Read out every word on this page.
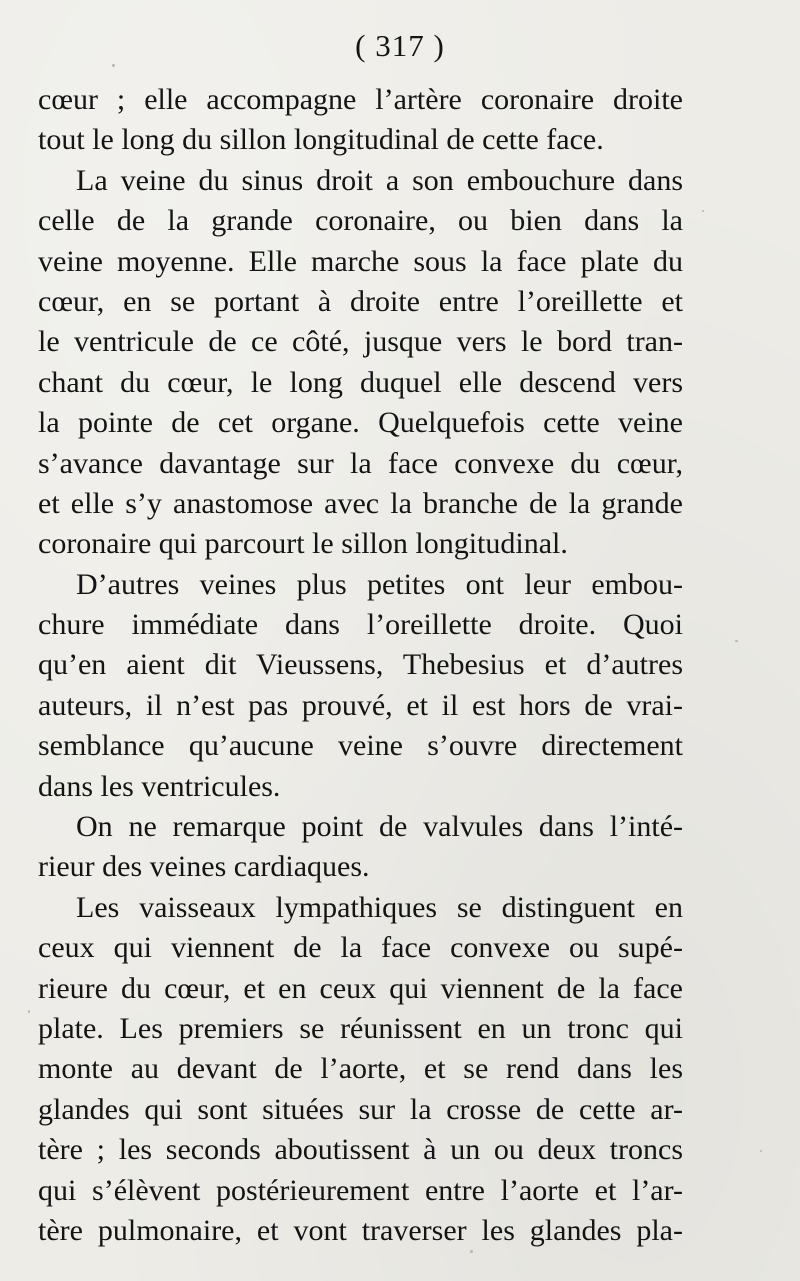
( 317 )
cœur ; elle accompagne l’artère coronaire droite
tout le long du sillon longitudinal de cette face.
La veine du sinus droit a son embouchure dans
celle de la grande coronaire, ou bien dans la
veine moyenne. Elle marche sous la face plate du
cœur, en se portant à droite entre l’oreillette et
le ventricule de ce côté, jusque vers le bord tran-
chant du cœur, le long duquel elle descend vers
la pointe de cet organe. Quelquefois cette veine
s’avance davantage sur la face convexe du cœur,
et elle s’y anastomose avec la branche de la grande
coronaire qui parcourt le sillon longitudinal.
D’autres veines plus petites ont leur embou-
chure immédiate dans l’oreillette droite. Quoi
qu’en aient dit Vieussens, Thebesius et d’autres
auteurs, il n’est pas prouvé, et il est hors de vrai-
semblance qu’aucune veine s’ouvre directement
dans les ventricules.
On ne remarque point de valvules dans l’inté-
rieur des veines cardiaques.
Les vaisseaux lympathiques se distinguent en
ceux qui viennent de la face convexe ou supé-
rieure du cœur, et en ceux qui viennent de la face
plate. Les premiers se réunissent en un tronc qui
monte au devant de l’aorte, et se rend dans les
glandes qui sont situées sur la crosse de cette ar-
tère ; les seconds aboutissent à un ou deux troncs
qui s’élèvent postérieurement entre l’aorte et l’ar-
tère pulmonaire, et vont traverser les glandes pla-
